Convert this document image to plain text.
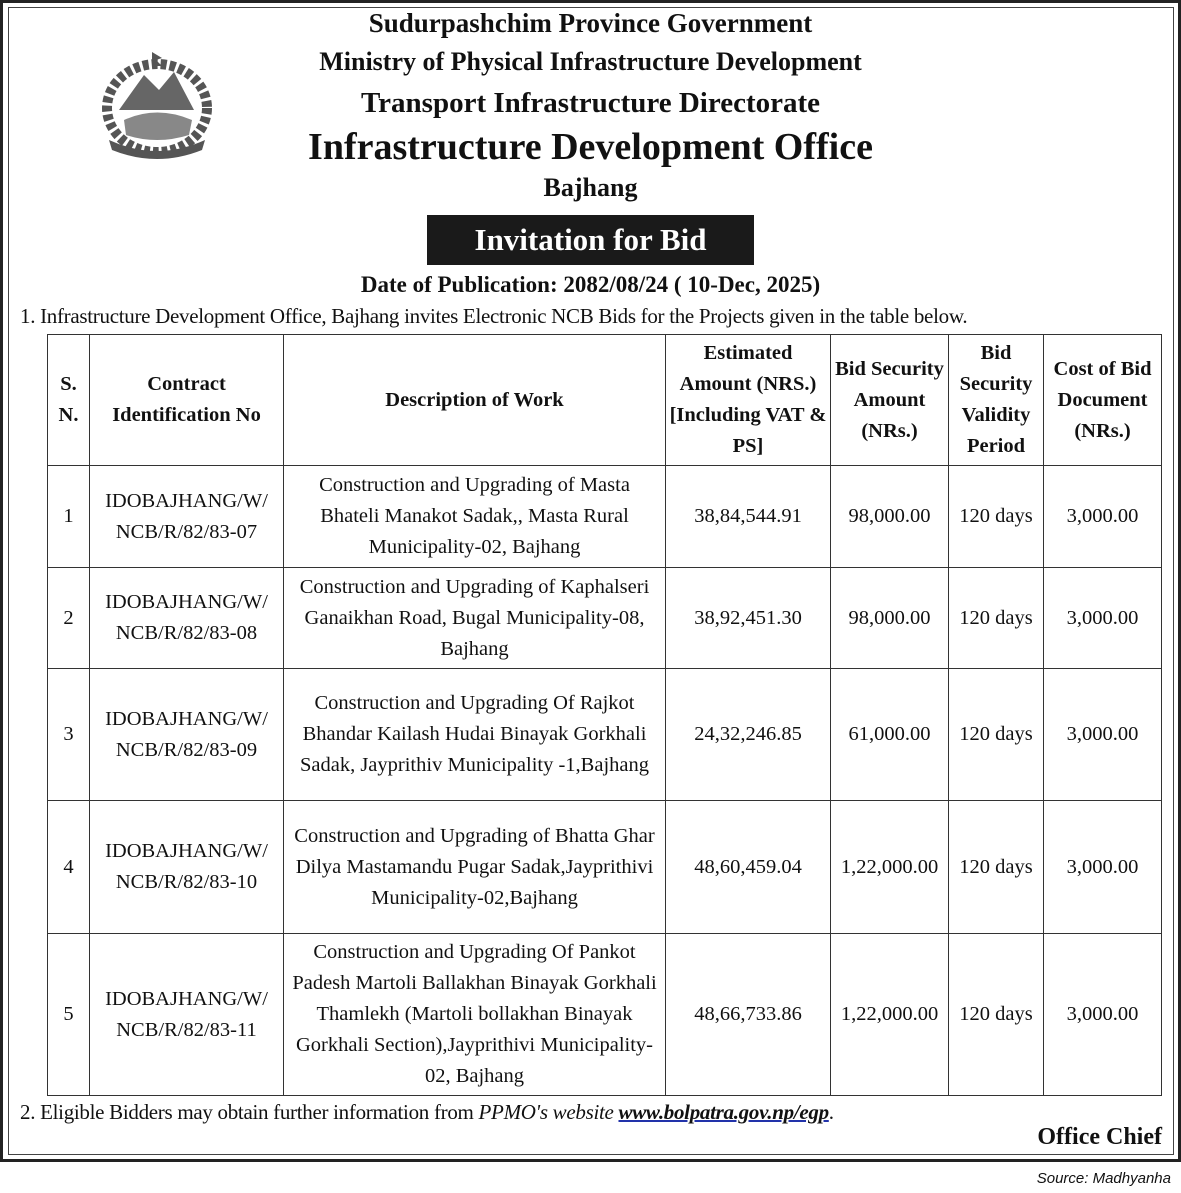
Sudurpashchim Province Government
Ministry of Physical Infrastructure Development
Transport Infrastructure Directorate
Infrastructure Development Office
Bajhang
Invitation for Bid
Date of Publication: 2082/08/24 ( 10-Dec, 2025)
1. Infrastructure Development Office, Bajhang invites Electronic NCB Bids for the Projects given in the table below.
S. N.	Contract Identification No	Description of Work	Estimated Amount (NRS.) [Including VAT & PS]	Bid Security Amount (NRs.)	Bid Security Validity Period	Cost of Bid Document (NRs.)
1	IDOBAJHANG/W/ NCB/R/82/83-07	Construction and Upgrading of Masta Bhateli Manakot Sadak,, Masta Rural Municipality-02, Bajhang	38,84,544.91	98,000.00	120 days	3,000.00
2	IDOBAJHANG/W/ NCB/R/82/83-08	Construction and Upgrading of Kaphalseri Ganaikhan Road, Bugal Municipality-08, Bajhang	38,92,451.30	98,000.00	120 days	3,000.00
3	IDOBAJHANG/W/ NCB/R/82/83-09	Construction and Upgrading Of Rajkot Bhandar Kailash Hudai Binayak Gorkhali Sadak, Jayprithiv Municipality -1,Bajhang	24,32,246.85	61,000.00	120 days	3,000.00
4	IDOBAJHANG/W/ NCB/R/82/83-10	Construction and Upgrading of Bhatta Ghar Dilya Mastamandu Pugar Sadak,Jayprithivi Municipality-02,Bajhang	48,60,459.04	1,22,000.00	120 days	3,000.00
5	IDOBAJHANG/W/ NCB/R/82/83-11	Construction and Upgrading Of Pankot Padesh Martoli Ballakhan Binayak Gorkhali Thamlekh (Martoli bollakhan Binayak Gorkhali Section),Jayprithivi Municipality-02, Bajhang	48,66,733.86	1,22,000.00	120 days	3,000.00
2. Eligible Bidders may obtain further information from PPMO's website www.bolpatra.gov.np/egp.
Office Chief
Source: Madhyanha
